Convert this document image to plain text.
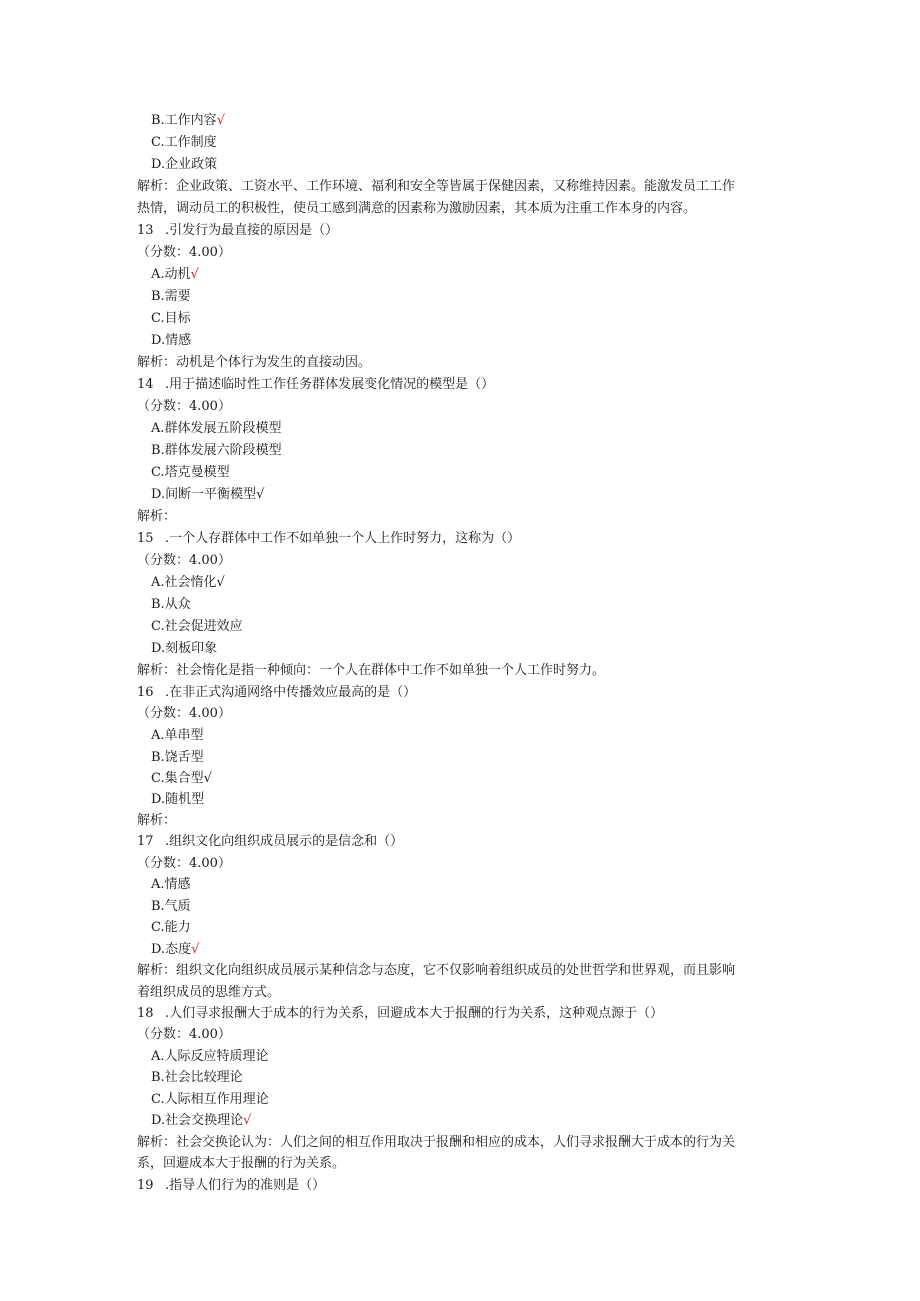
B.工作内容√
C.工作制度
D.企业政策
解析：企业政策、工资水平、工作环境、福利和安全等皆属于保健因素，又称维持因素。能激发员工工作
热情，调动员工的积极性，使员工感到满意的因素称为激励因素，其本质为注重工作本身的内容。
13 .引发行为最直接的原因是（）
（分数：4.00）
A.动机√
B.需要
C.目标
D.情感
解析：动机是个体行为发生的直接动因。
14 .用于描述临时性工作任务群体发展变化情况的模型是（）
（分数：4.00）
A.群体发展五阶段模型
B.群体发展六阶段模型
C.塔克曼模型
D.间断一平衡模型√
解析：
15 .一个人存群体中工作不如单独一个人上作时努力，这称为（）
（分数：4.00）
A.社会惰化√
B.从众
C.社会促进效应
D.刻板印象
解析：社会惰化是指一种倾向：一个人在群体中工作不如单独一个人工作时努力。
16 .在非正式沟通网络中传播效应最高的是（）
（分数：4.00）
A.单串型
B.饶舌型
C.集合型√
D.随机型
解析：
17 .组织文化向组织成员展示的是信念和（）
（分数：4.00）
A.情感
B.气质
C.能力
D.态度√
解析：组织文化向组织成员展示某种信念与态度，它不仅影响着组织成员的处世哲学和世界观，而且影响
着组织成员的思维方式。
18 .人们寻求报酬大于成本的行为关系，回避成本大于报酬的行为关系，这种观点源于（）
（分数：4.00）
A.人际反应特质理论
B.社会比较理论
C.人际相互作用理论
D.社会交换理论√
解析：社会交换论认为：人们之间的相互作用取决于报酬和相应的成本，人们寻求报酬大于成本的行为关
系，回避成本大于报酬的行为关系。
19 .指导人们行为的准则是（）
